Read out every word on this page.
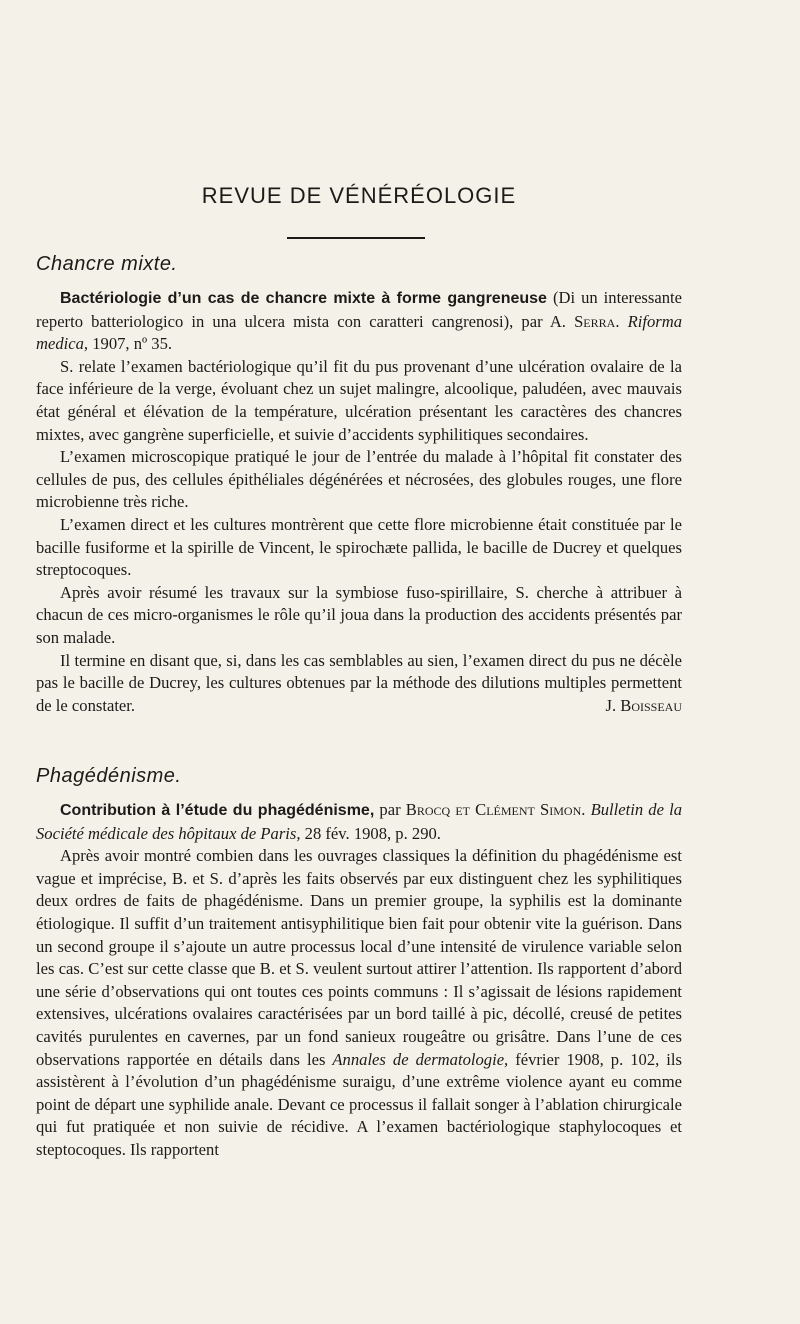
REVUE DE VÉNÉRÉOLOGIE
Chancre mixte.

Bactériologie d’un cas de chancre mixte à forme gangreneuse (Di un interessante reperto batteriologico in una ulcera mista con caratteri cangrenosi), par A. Serra. Riforma medica, 1907, nº 35.

S. relate l’examen bactériologique qu’il fit du pus provenant d’une ulcération ovalaire de la face inférieure de la verge, évoluant chez un sujet malingre, alcoolique, paludéen, avec mauvais état général et élévation de la température, ulcération présentant les caractères des chancres mixtes, avec gangrène superficielle, et suivie d’accidents syphilitiques secondaires.

L’examen microscopique pratiqué le jour de l’entrée du malade à l’hôpital fit constater des cellules de pus, des cellules épithéliales dégénérées et nécrosées, des globules rouges, une flore microbienne très riche.

L’examen direct et les cultures montrèrent que cette flore microbienne était constituée par le bacille fusiforme et la spirille de Vincent, le spirochæte pallida, le bacille de Ducrey et quelques streptocoques.

Après avoir résumé les travaux sur la symbiose fuso-spirillaire, S. cherche à attribuer à chacun de ces micro-organismes le rôle qu’il joua dans la production des accidents présentés par son malade.

Il termine en disant que, si, dans les cas semblables au sien, l’examen direct du pus ne décèle pas le bacille de Ducrey, les cultures obtenues par la méthode des dilutions multiples permettent de le constater.	J. Boisseau

Phagédénisme.

Contribution à l’étude du phagédénisme, par Brocq et Clément Simon. Bulletin de la Société médicale des hôpitaux de Paris, 28 fév. 1908, p. 290.

Après avoir montré combien dans les ouvrages classiques la définition du phagédénisme est vague et imprécise, B. et S. d’après les faits observés par eux distinguent chez les syphilitiques deux ordres de faits de phagédénisme. Dans un premier groupe, la syphilis est la dominante étiologique. Il suffit d’un traitement antisyphilitique bien fait pour obtenir vite la guérison. Dans un second groupe il s’ajoute un autre processus local d’une intensité de virulence variable selon les cas. C’est sur cette classe que B. et S. veulent surtout attirer l’attention. Ils rapportent d’abord une série d’observations qui ont toutes ces points communs : Il s’agissait de lésions rapidement extensives, ulcérations ovalaires caractérisées par un bord taillé à pic, décollé, creusé de petites cavités purulentes en cavernes, par un fond sanieux rougeâtre ou grisâtre. Dans l’une de ces observations rapportée en détails dans les Annales de dermatologie, février 1908, p. 102, ils assistèrent à l’évolution d’un phagédénisme suraigu, d’une extrême violence ayant eu comme point de départ une syphilide anale. Devant ce processus il fallait songer à l’ablation chirurgicale qui fut pratiquée et non suivie de récidive. A l’examen bactériologique staphylocoques et steptocoques. Ils rapportent
